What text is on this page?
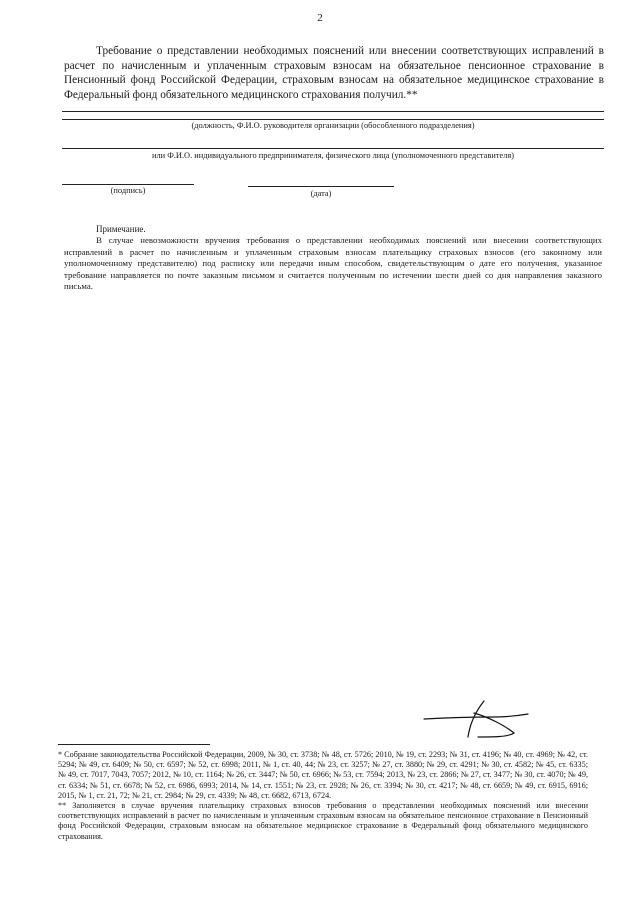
2

Требование о представлении необходимых пояснений или внесении соответствующих исправлений в расчет по начисленным и уплаченным страховым взносам на обязательное пенсионное страхование в Пенсионный фонд Российской Федерации, страховым взносам на обязательное медицинское страхование в Федеральный фонд обязательного медицинского страхования получил.**

(должность, Ф.И.О. руководителя организации (обособленного подразделения)
или Ф.И.О. индивидуального предпринимателя, физического лица (уполномоченного представителя)
(подпись)	(дата)

Примечание.

В случае невозможности вручения требования о представлении необходимых пояснений или внесении соответствующих исправлений в расчет по начисленным и уплаченным страховым взносам плательщику страховых взносов (его законному или уполномоченному представителю) под расписку или передачи иным способом, свидетельствующим о дате его получения, указанное требование направляется по почте заказным письмом и считается полученным по истечении шести дней со дня направления заказного письма.

* Собрание законодательства Российской Федерации, 2009, № 30, ст. 3738; № 48, ст. 5726; 2010, № 19, ст. 2293; № 31, ст. 4196; № 40, ст. 4969; № 42, ст. 5294; № 49, ст. 6409; № 50, ст. 6597; № 52, ст. 6998; 2011, № 1, ст. 40, 44; № 23, ст. 3257; № 27, ст. 3880; № 29, ст. 4291; № 30, ст. 4582; № 45, ст. 6335; № 49, ст. 7017, 7043, 7057; 2012, № 10, ст. 1164; № 26, ст. 3447; № 50, ст. 6966; № 53, ст. 7594; 2013, № 23, ст. 2866; № 27, ст. 3477; № 30, ст. 4070; № 49, ст. 6334; № 51, ст. 6678; № 52, ст. 6986, 6993; 2014, № 14, ст. 1551; № 23, ст. 2928; № 26, ст. 3394; № 30, ст. 4217; № 48, ст. 6659; № 49, ст. 6915, 6916; 2015, № 1, ст. 21, 72; № 21, ст. 2984; № 29, ст. 4339; № 48, ст. 6682, 6713, 6724.

** Заполняется в случае вручения плательщику страховых взносов требования о представлении необходимых пояснений или внесении соответствующих исправлений в расчет по начисленным и уплаченным страховым взносам на обязательное пенсионное страхование в Пенсионный фонд Российской Федерации, страховым взносам на обязательное медицинское страхование в Федеральный фонд обязательного медицинского страхования.
